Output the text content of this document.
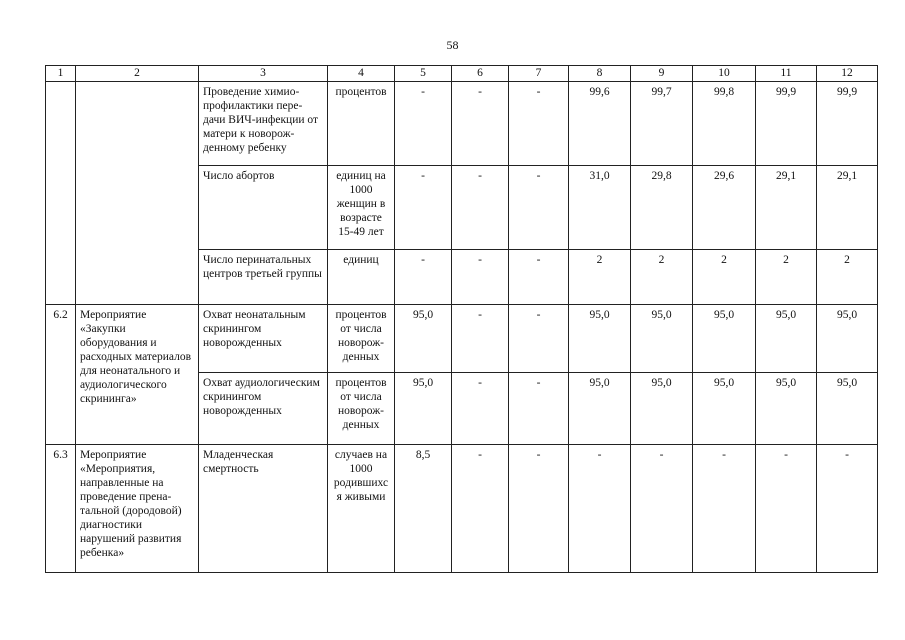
58
1	2	3	4	5	6	7	8	9	10	11	12
		Проведение химио-профилактики пере-дачи ВИЧ-инфекции от матери к новорож-денному ребенку	процентов	-	-	-	99,6	99,7	99,8	99,9	99,9
		Число абортов	единиц на 1000 женщин в возрасте 15-49 лет	-	-	-	31,0	29,8	29,6	29,1	29,1
		Число перинатальных центров третьей группы	единиц	-	-	-	2	2	2	2	2
6.2	Мероприятие «Закупки оборудования и расходных материалов для неонатального и аудиологического скрининга»	Охват неонатальным скринингом новорожденных	процентов от числа новорож-денных	95,0	-	-	95,0	95,0	95,0	95,0	95,0
		Охват аудиологическим скринингом новорожденных	процентов от числа новорож-денных	95,0	-	-	95,0	95,0	95,0	95,0	95,0
6.3	Мероприятие «Мероприятия, направленные на проведение прена-тальной (дородовой) диагностики нарушений развития ребенка»	Младенческая смертность	случаев на 1000 родившихся живыми	8,5	-	-	-	-	-	-	-
